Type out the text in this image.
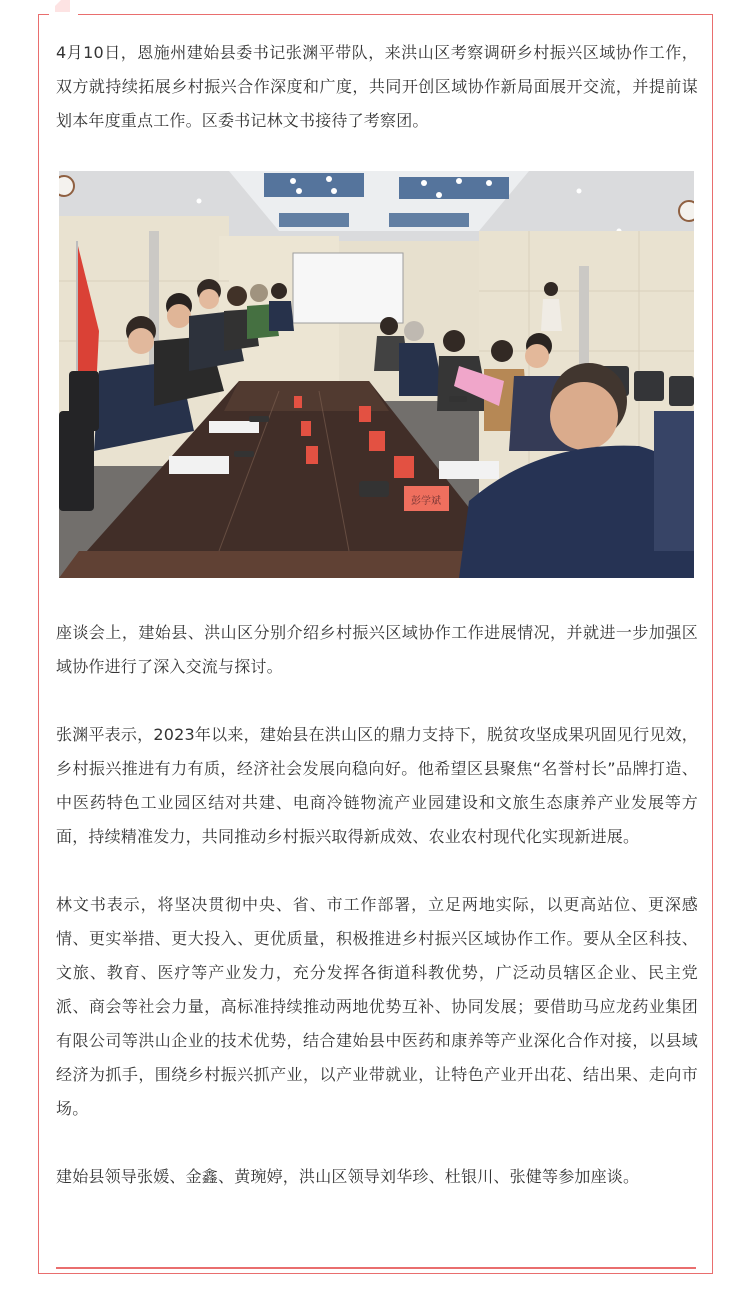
4月10日，恩施州建始县委书记张渊平带队，来洪山区考察调研乡村振兴区域协作工作，双方就持续拓展乡村振兴合作深度和广度，共同开创区域协作新局面展开交流，并提前谋划本年度重点工作。区委书记林文书接待了考察团。

彭学斌

座谈会上，建始县、洪山区分别介绍乡村振兴区域协作工作进展情况，并就进一步加强区域协作进行了深入交流与探讨。

张渊平表示，2023年以来，建始县在洪山区的鼎力支持下，脱贫攻坚成果巩固见行见效，乡村振兴推进有力有质，经济社会发展向稳向好。他希望区县聚焦“名誉村长”品牌打造、中医药特色工业园区结对共建、电商冷链物流产业园建设和文旅生态康养产业发展等方面，持续精准发力，共同推动乡村振兴取得新成效、农业农村现代化实现新进展。

林文书表示，将坚决贯彻中央、省、市工作部署，立足两地实际，以更高站位、更深感情、更实举措、更大投入、更优质量，积极推进乡村振兴区域协作工作。要从全区科技、文旅、教育、医疗等产业发力，充分发挥各街道科教优势，广泛动员辖区企业、民主党派、商会等社会力量，高标准持续推动两地优势互补、协同发展；要借助马应龙药业集团有限公司等洪山企业的技术优势，结合建始县中医药和康养等产业深化合作对接，以县域经济为抓手，围绕乡村振兴抓产业，以产业带就业，让特色产业开出花、结出果、走向市场。

建始县领导张媛、金鑫、黄琬婷，洪山区领导刘华珍、杜银川、张健等参加座谈。
